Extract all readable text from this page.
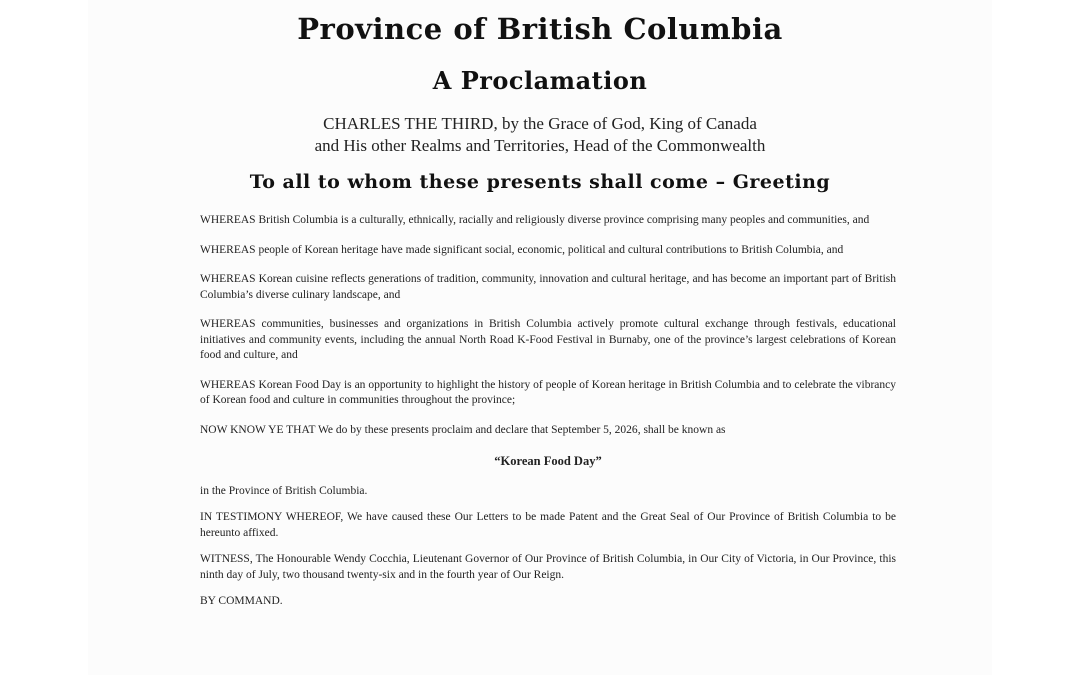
Province of British Columbia
A Proclamation
CHARLES THE THIRD, by the Grace of God, King of Canada
and His other Realms and Territories, Head of the Commonwealth
To all to whom these presents shall come – Greeting

WHEREAS British Columbia is a culturally, ethnically, racially and religiously diverse province comprising many peoples and communities, and

WHEREAS people of Korean heritage have made significant social, economic, political and cultural contributions to British Columbia, and

WHEREAS Korean cuisine reflects generations of tradition, community, innovation and cultural heritage, and has become an important part of British Columbia’s diverse culinary landscape, and

WHEREAS communities, businesses and organizations in British Columbia actively promote cultural exchange through festivals, educational initiatives and community events, including the annual North Road K-Food Festival in Burnaby, one of the province’s largest celebrations of Korean food and culture, and

WHEREAS Korean Food Day is an opportunity to highlight the history of people of Korean heritage in British Columbia and to celebrate the vibrancy of Korean food and culture in communities throughout the province;

NOW KNOW YE THAT We do by these presents proclaim and declare that September 5, 2026, shall be known as

“Korean Food Day”

in the Province of British Columbia.

IN TESTIMONY WHEREOF, We have caused these Our Letters to be made Patent and the Great Seal of Our Province of British Columbia to be hereunto affixed.

WITNESS, The Honourable Wendy Cocchia, Lieutenant Governor of Our Province of British Columbia, in Our City of Victoria, in Our Province, this ninth day of July, two thousand twenty-six and in the fourth year of Our Reign.

BY COMMAND.
